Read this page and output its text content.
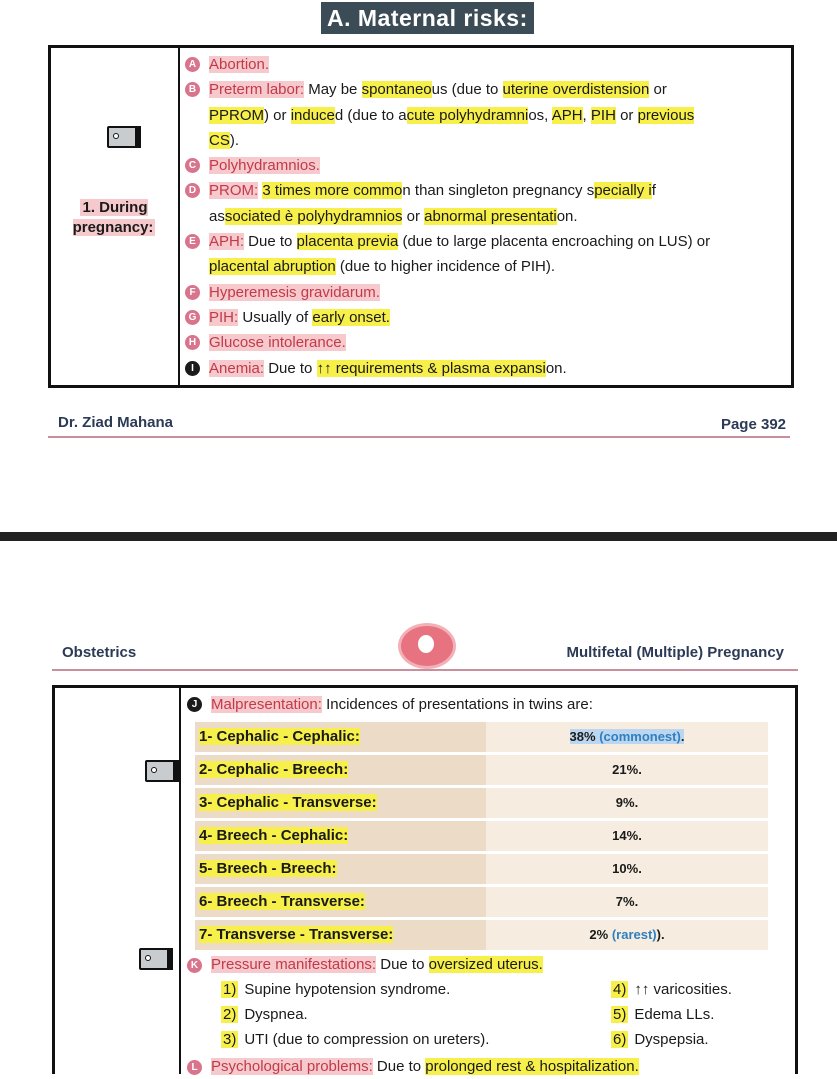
A. Maternal risks:
1. During pregnancy:
A Abortion.
B Preterm labor: May be spontaneous (due to uterine overdistension or
PPROM) or induced (due to acute polyhydramnios, APH, PIH or previous
CS).
C Polyhydramnios.
D PROM: 3 times more common than singleton pregnancy specially if
associated è polyhydramnios or abnormal presentation.
E APH: Due to placenta previa (due to large placenta encroaching on LUS) or
placental abruption (due to higher incidence of PIH).
F Hyperemesis gravidarum.
G PIH: Usually of early onset.
H Glucose intolerance.
I	Anemia: Due to ↑↑ requirements & plasma expansion.
Dr. Ziad Mahana	Page 392
Obstetrics	Multifetal (Multiple) Pregnancy
J Malpresentation: Incidences of presentations in twins are:
1- Cephalic - Cephalic:	38% (commonest).
2- Cephalic - Breech:	21%.
3- Cephalic - Transverse:	9%.
4- Breech - Cephalic:	14%.
5- Breech - Breech:	10%.
6- Breech - Transverse:	7%.
7- Transverse - Transverse:	2% (rarest)).
K Pressure manifestations: Due to oversized uterus.
1) Supine hypotension syndrome.
2) Dyspnea.
3) UTI (due to compression on ureters).
4) ↑↑ varicosities.
5) Edema LLs.
6) Dyspepsia.
L Psychological problems: Due to prolonged rest & hospitalization.
